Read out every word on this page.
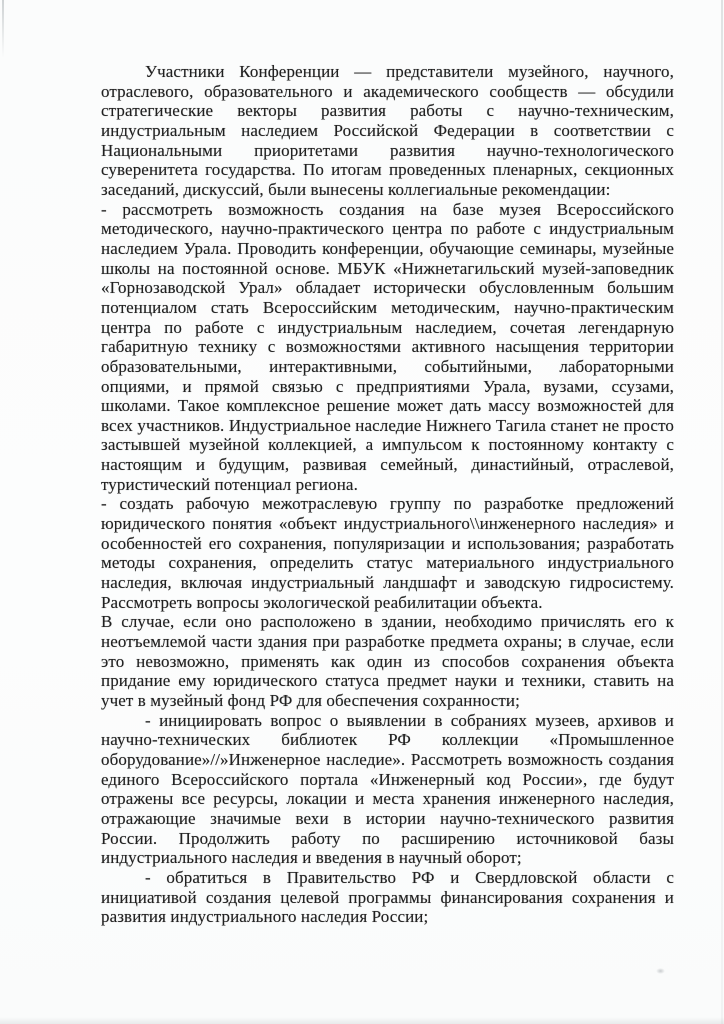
Участники Конференции — представители музейного, научного,
отраслевого, образовательного и академического сообществ — обсудили
стратегические векторы развития работы с научно-техническим,
индустриальным наследием Российской Федерации в соответствии с
Национальными приоритетами развития научно-технологического
суверенитета государства. По итогам проведенных пленарных, секционных
заседаний, дискуссий, были вынесены коллегиальные рекомендации:
- рассмотреть возможность создания на базе музея Всероссийского
методического, научно-практического центра по работе с индустриальным
наследием Урала. Проводить конференции, обучающие семинары, музейные
школы на постоянной основе. МБУК «Нижнетагильский музей-заповедник
«Горнозаводской Урал» обладает исторически обусловленным большим
потенциалом стать Всероссийским методическим, научно-практическим
центра по работе с индустриальным наследием, сочетая легендарную
габаритную технику с возможностями активного насыщения территории
образовательными, интерактивными, событийными, лабораторными
опциями, и прямой связью с предприятиями Урала, вузами, ссузами,
школами. Такое комплексное решение может дать массу возможностей для
всех участников. Индустриальное наследие Нижнего Тагила станет не просто
застывшей музейной коллекцией, а импульсом к постоянному контакту с
настоящим и будущим, развивая семейный, династийный, отраслевой,
туристический потенциал региона.
- создать рабочую межотраслевую группу по разработке предложений
юридического понятия «объект индустриального\\инженерного наследия» и
особенностей его сохранения, популяризации и использования; разработать
методы сохранения, определить статус материального индустриального
наследия, включая индустриальный ландшафт и заводскую гидросистему.
Рассмотреть вопросы экологической реабилитации объекта.
В случае, если оно расположено в здании, необходимо причислять его к
неотъемлемой части здания при разработке предмета охраны; в случае, если
это невозможно, применять как один из способов сохранения объекта
придание ему юридического статуса предмет науки и техники, ставить на
учет в музейный фонд РФ для обеспечения сохранности;
- инициировать вопрос о выявлении в собраниях музеев, архивов и
научно-технических библиотек РФ коллекции «Промышленное
оборудование»//»Инженерное наследие». Рассмотреть возможность создания
единого Всероссийского портала «Инженерный код России», где будут
отражены все ресурсы, локации и места хранения инженерного наследия,
отражающие значимые вехи в истории научно-технического развития
России. Продолжить работу по расширению источниковой базы
индустриального наследия и введения в научный оборот;
- обратиться в Правительство РФ и Свердловской области с
инициативой создания целевой программы финансирования сохранения и
развития индустриального наследия России;
